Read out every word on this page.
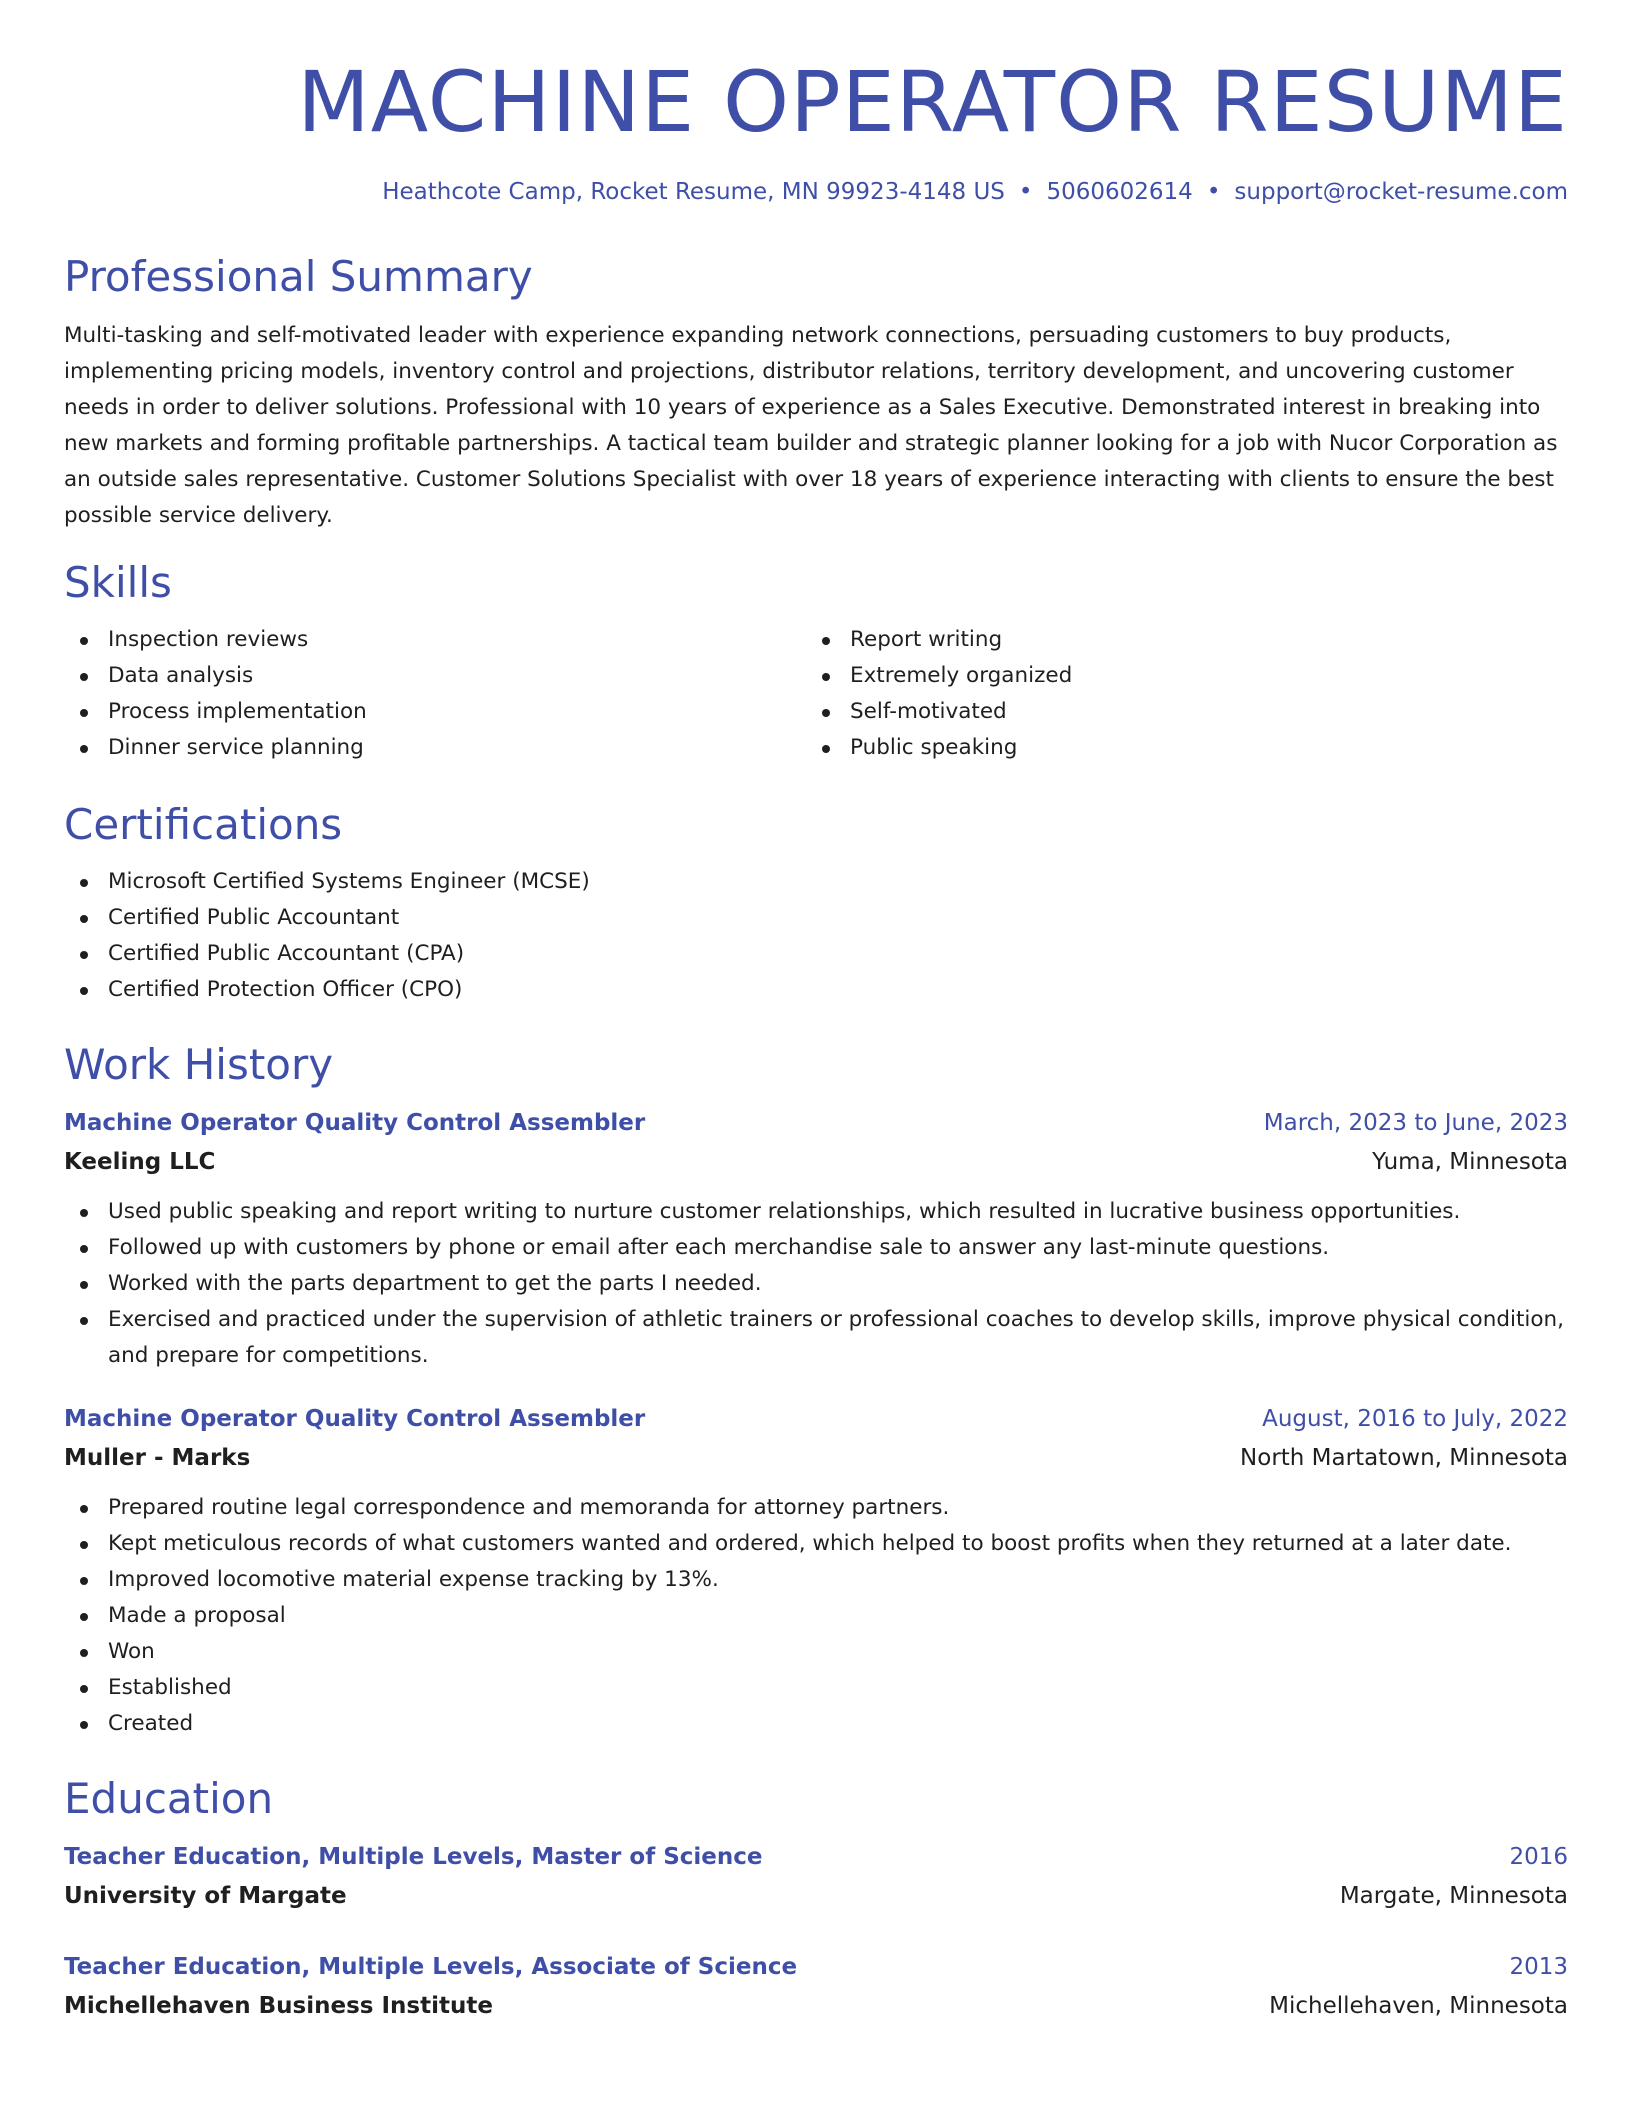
MACHINE OPERATOR RESUME
Heathcote Camp, Rocket Resume, MN 99923-4148 US • 5060602614 • support@rocket-resume.com
Professional Summary

Multi-tasking and self-motivated leader with experience expanding network connections, persuading customers to buy products, implementing pricing models, inventory control and projections, distributor relations, territory development, and uncovering customer needs in order to deliver solutions. Professional with 10 years of experience as a Sales Executive. Demonstrated interest in breaking into new markets and forming profitable partnerships. A tactical team builder and strategic planner looking for a job with Nucor Corporation as an outside sales representative. Customer Solutions Specialist with over 18 years of experience interacting with clients to ensure the best possible service delivery.

Skills
Inspection reviews
Data analysis
Process implementation
Dinner service planning
Report writing
Extremely organized
Self-motivated
Public speaking
Certifications
Microsoft Certified Systems Engineer (MCSE)
Certified Public Accountant
Certified Public Accountant (CPA)
Certified Protection Officer (CPO)
Work History
Machine Operator Quality Control Assembler	March, 2023 to June, 2023
Keeling LLC	Yuma, Minnesota
Used public speaking and report writing to nurture customer relationships, which resulted in lucrative business opportunities.
Followed up with customers by phone or email after each merchandise sale to answer any last-minute questions.
Worked with the parts department to get the parts I needed.
Exercised and practiced under the supervision of athletic trainers or professional coaches to develop skills, improve physical condition, and prepare for competitions.
Machine Operator Quality Control Assembler	August, 2016 to July, 2022
Muller - Marks	North Martatown, Minnesota
Prepared routine legal correspondence and memoranda for attorney partners.
Kept meticulous records of what customers wanted and ordered, which helped to boost profits when they returned at a later date.
Improved locomotive material expense tracking by 13%.
Made a proposal
Won
Established
Created
Education
Teacher Education, Multiple Levels, Master of Science	2016
University of Margate	Margate, Minnesota
Teacher Education, Multiple Levels, Associate of Science	2013
Michellehaven Business Institute	Michellehaven, Minnesota
